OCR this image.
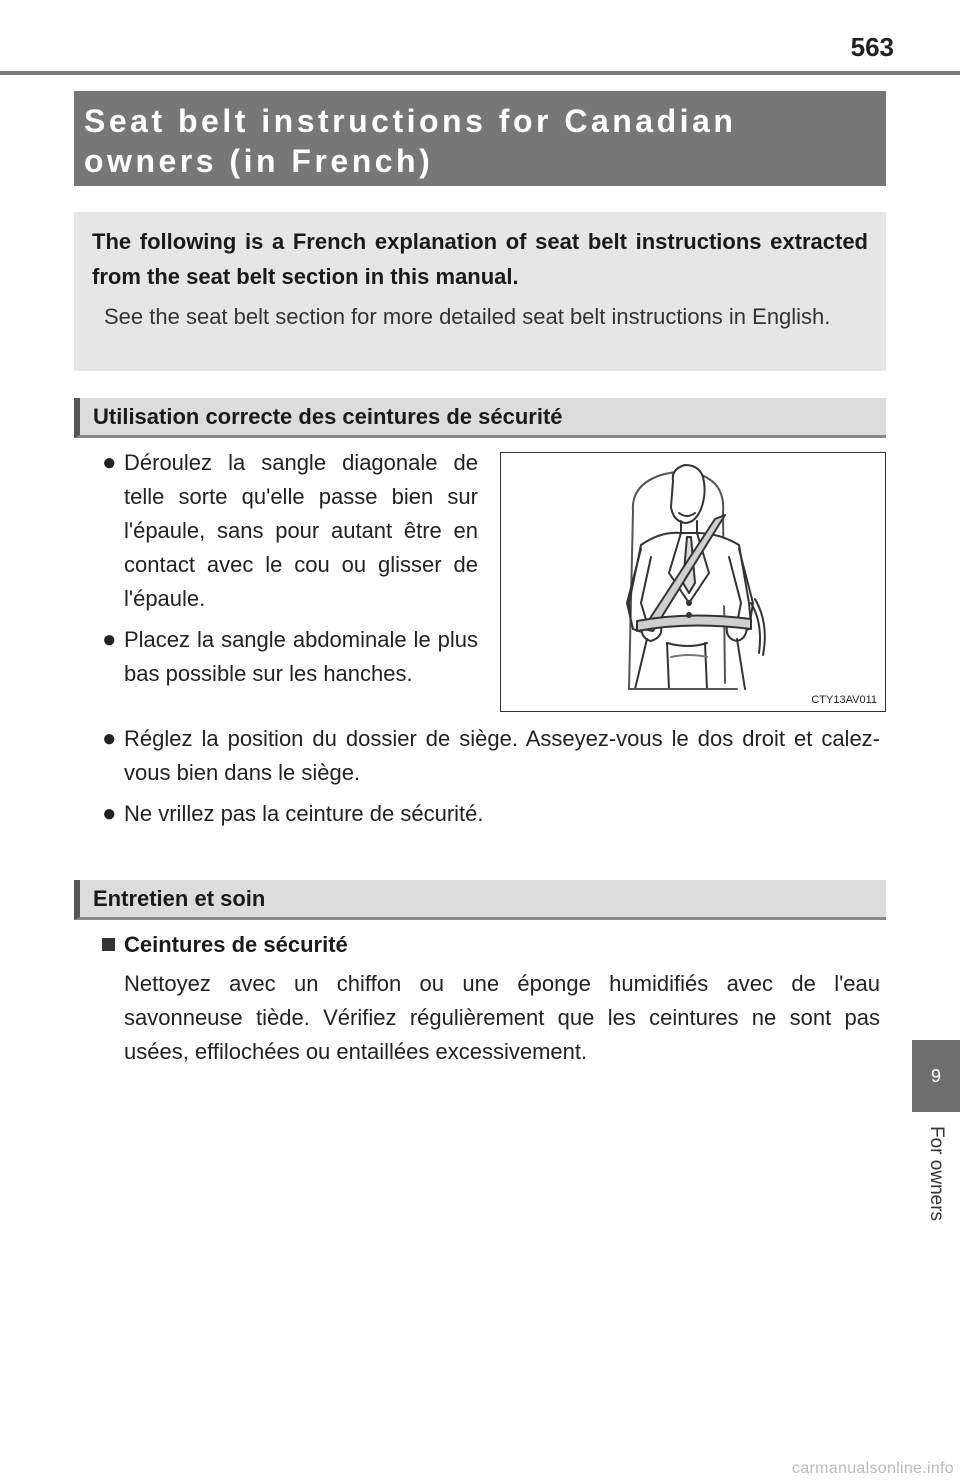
563
Seat belt instructions for Canadian owners (in French)

The following is a French explanation of seat belt instructions extracted from the seat belt section in this manual.

See the seat belt section for more detailed seat belt instructions in English.

Utilisation correcte des ceintures de sécurité
● Déroulez la sangle diagonale de telle sorte qu'elle passe bien sur l'épaule, sans pour autant être en contact avec le cou ou glisser de l'épaule.
● Placez la sangle abdominale le plus bas possible sur les hanches.
CTY13AV011
● Réglez la position du dossier de siège. Asseyez-vous le dos droit et calez-vous bien dans le siège.
● Ne vrillez pas la ceinture de sécurité.
Entretien et soin
Ceintures de sécurité

Nettoyez avec un chiffon ou une éponge humidifiés avec de l'eau savonneuse tiède. Vérifiez régulièrement que les ceintures ne sont pas usées, effilochées ou entaillées excessivement.

9
For owners
carmanualsonline.info
